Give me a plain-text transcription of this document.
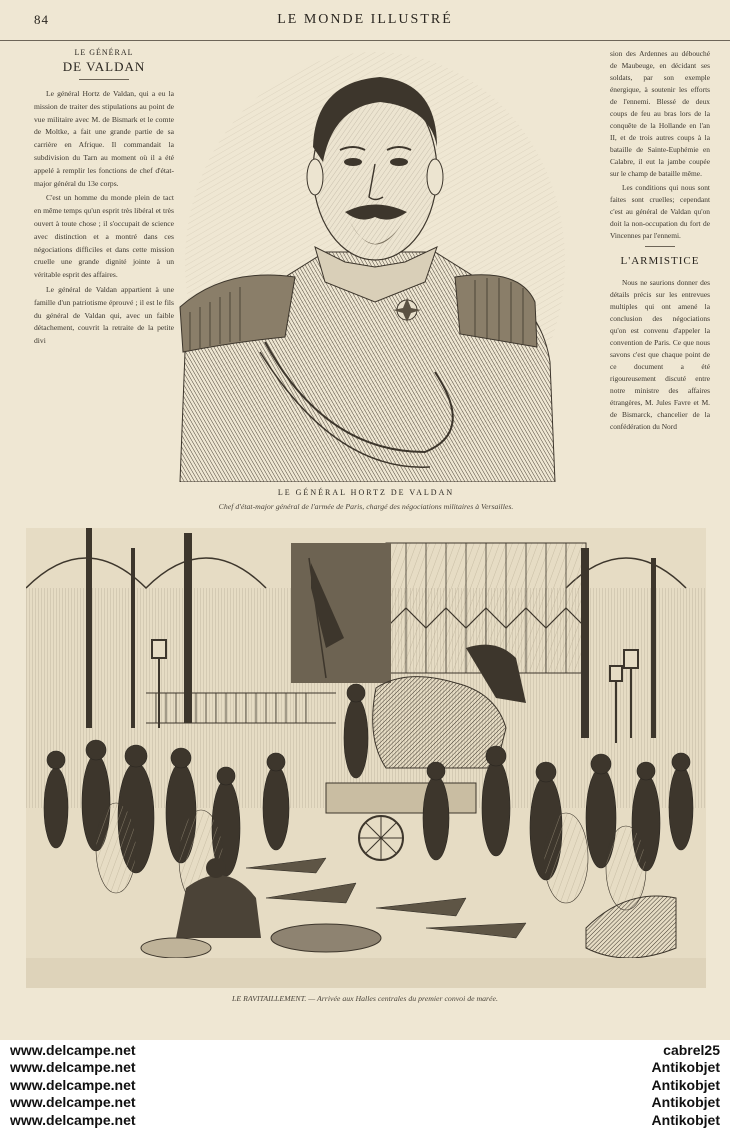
84	LE MONDE ILLUSTRÉ
LE GÉNÉRAL
DE VALDAN

Le général Hortz de Valdan, qui a eu la mission de traiter des stipulations au point de vue militaire avec M. de Bismark et le comte de Moltke, a fait une grande partie de sa carrière en Afrique. Il commandait la subdivision du Tarn au moment où il a été appelé à remplir les fonctions de chef d'état-major général du 13e corps.

C'est un homme du monde plein de tact en même temps qu'un esprit très libéral et très ouvert à toute chose ; il s'occupait de science avec distinction et a montré dans ces négociations difficiles et dans cette mission cruelle une grande dignité jointe à un véritable esprit des affaires.

Le général de Valdan appartient à une famille d'un patriotisme éprouvé ; il est le fils du général de Valdan qui, avec un faible détachement, couvrit la retraite de la petite divi

sion des Ardennes au débouché de Maubeuge, en décidant ses soldats, par son exemple énergique, à soutenir les efforts de l'ennemi. Blessé de deux coups de feu au bras lors de la conquête de la Hollande en l'an II, et de trois autres coups à la bataille de Sainte-Euphémie en Calabre, il eut la jambe coupée sur le champ de bataille même.

Les conditions qui nous sont faites sont cruelles; cependant c'est au général de Valdan qu'on doit la non-occupation du fort de Vincennes par l'ennemi.

L'ARMISTICE

Nous ne saurions donner des détails précis sur les entrevues multiples qui ont amené la conclusion des négociations qu'on est convenu d'appeler la convention de Paris. Ce que nous savons c'est que chaque point de ce document a été rigoureusement discuté entre notre ministre des affaires étrangères, M. Jules Favre et M. de Bismarck, chancelier de la confédération du Nord

LE GÉNÉRAL HORTZ DE VALDAN
Chef d'état-major général de l'armée de Paris, chargé des négociations militaires à Versailles.
LE RAVITAILLEMENT. — Arrivée aux Halles centrales du premier convoi de marée.
www.delcampe.net
www.delcampe.net
www.delcampe.net
www.delcampe.net
www.delcampe.net
cabrel25
Antikobjet
Antikobjet
Antikobjet
Antikobjet
